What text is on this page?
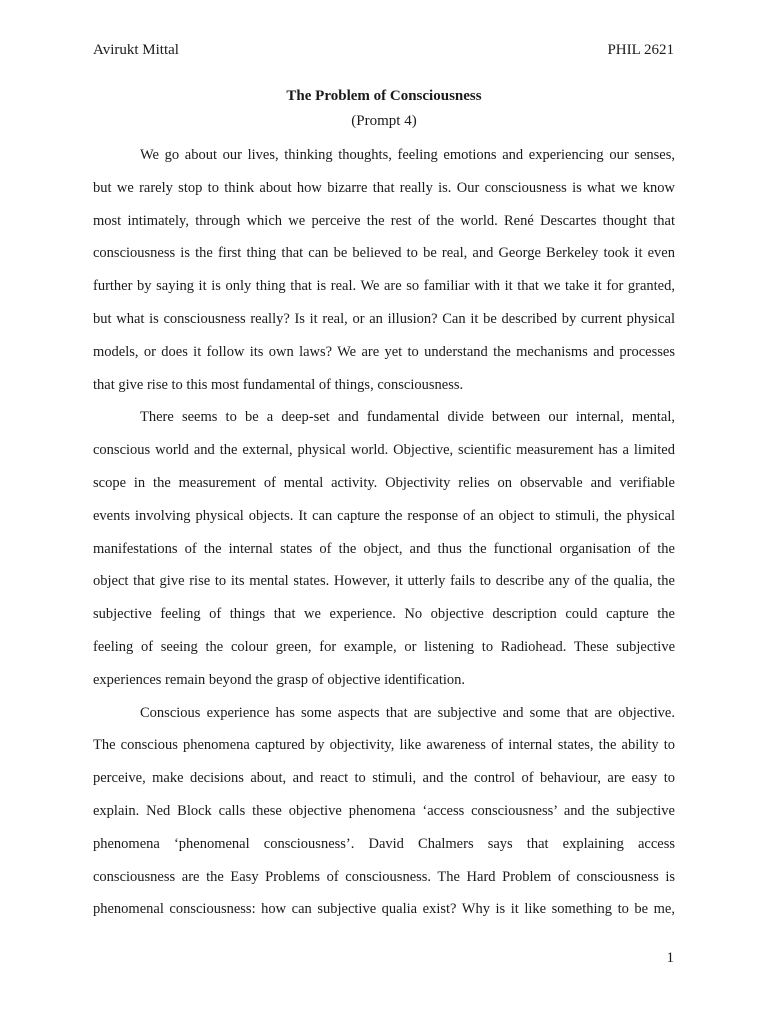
Avirukt Mittal	PHIL 2621
The Problem of Consciousness
(Prompt 4)
We go about our lives, thinking thoughts, feeling emotions and experiencing our senses,
but we rarely stop to think about how bizarre that really is. Our consciousness is what we know
most intimately, through which we perceive the rest of the world. René Descartes thought that
consciousness is the first thing that can be believed to be real, and George Berkeley took it even
further by saying it is only thing that is real. We are so familiar with it that we take it for granted,
but what is consciousness really? Is it real, or an illusion? Can it be described by current physical
models, or does it follow its own laws? We are yet to understand the mechanisms and processes
that give rise to this most fundamental of things, consciousness.
There seems to be a deep-set and fundamental divide between our internal, mental,
conscious world and the external, physical world. Objective, scientific measurement has a limited
scope in the measurement of mental activity. Objectivity relies on observable and verifiable
events involving physical objects. It can capture the response of an object to stimuli, the physical
manifestations of the internal states of the object, and thus the functional organisation of the
object that give rise to its mental states. However, it utterly fails to describe any of the qualia, the
subjective feeling of things that we experience. No objective description could capture the
feeling of seeing the colour green, for example, or listening to Radiohead. These subjective
experiences remain beyond the grasp of objective identification.
Conscious experience has some aspects that are subjective and some that are objective.
The conscious phenomena captured by objectivity, like awareness of internal states, the ability to
perceive, make decisions about, and react to stimuli, and the control of behaviour, are easy to
explain. Ned Block calls these objective phenomena ‘access consciousness’ and the subjective
phenomena ‘phenomenal consciousness’. David Chalmers says that explaining access
consciousness are the Easy Problems of consciousness. The Hard Problem of consciousness is
phenomenal consciousness: how can subjective qualia exist? Why is it like something to be me,
1
